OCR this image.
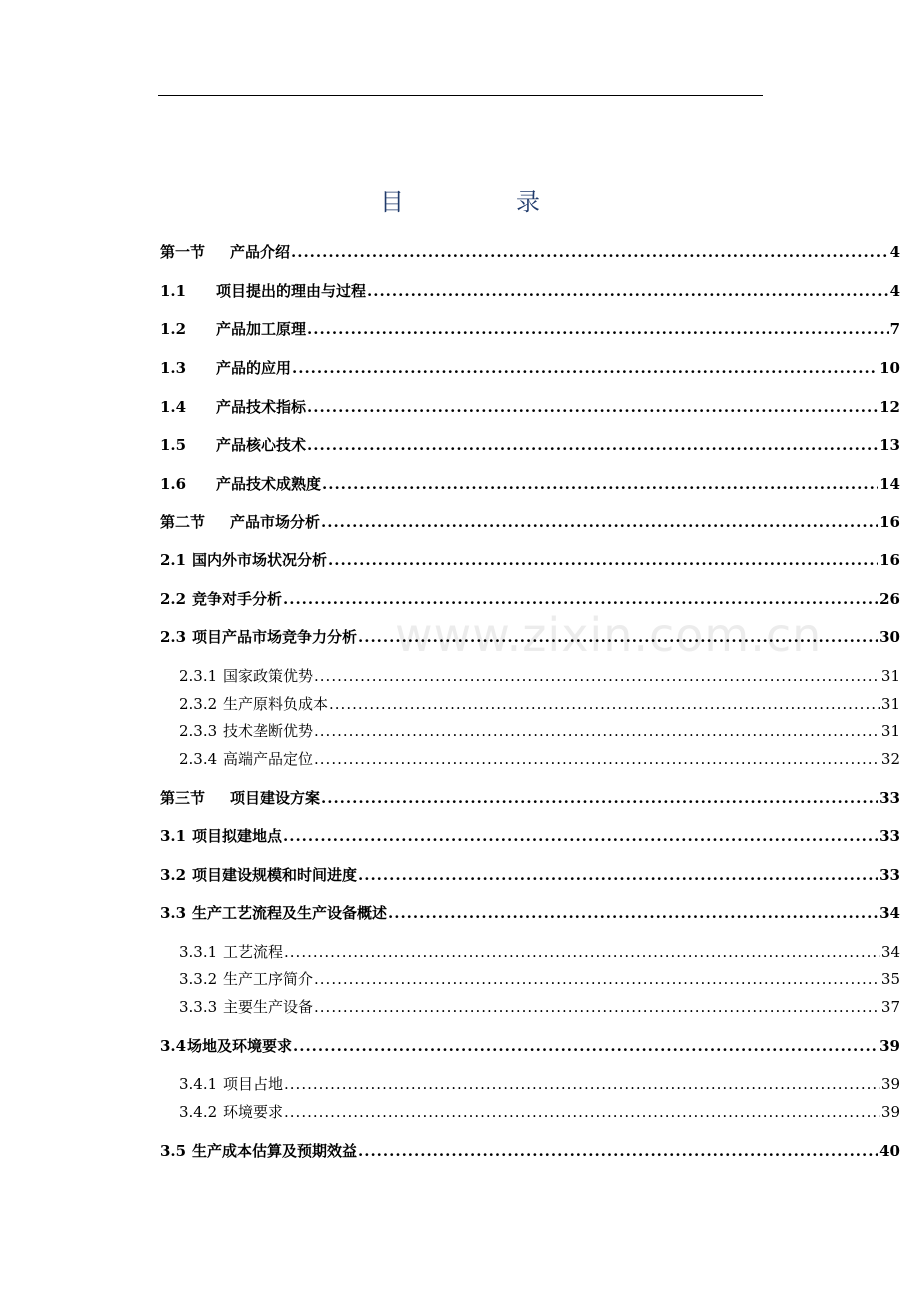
目　录
www.zixin.com.cn
第一节	产品介绍 .....	4
1.1	项目提出的理由与过程 .....	4
1.2	产品加工原理 .....	7
1.3	产品的应用 .....	10
1.4	产品技术指标 .....	12
1.5	产品核心技术 .....	13
1.6	产品技术成熟度 .....	14
第二节	产品市场分析 .....	16
2.1 国内外市场状况分析 .....	16
2.2 竞争对手分析 .....	26
2.3 项目产品市场竞争力分析 .....	30
2.3.1 国家政策优势 .....	31
2.3.2 生产原料负成本 .....	31
2.3.3 技术垄断优势 .....	31
2.3.4 高端产品定位 .....	32
第三节	项目建设方案 .....	33
3.1 项目拟建地点 .....	33
3.2 项目建设规模和时间进度 .....	33
3.3 生产工艺流程及生产设备概述 .....	34
3.3.1 工艺流程 .....	34
3.3.2 生产工序简介 .....	35
3.3.3 主要生产设备 .....	37
3.4 场地及环境要求 .....	39
3.4.1 项目占地 .....	39
3.4.2 环境要求 .....	39
3.5 生产成本估算及预期效益 .....	40
